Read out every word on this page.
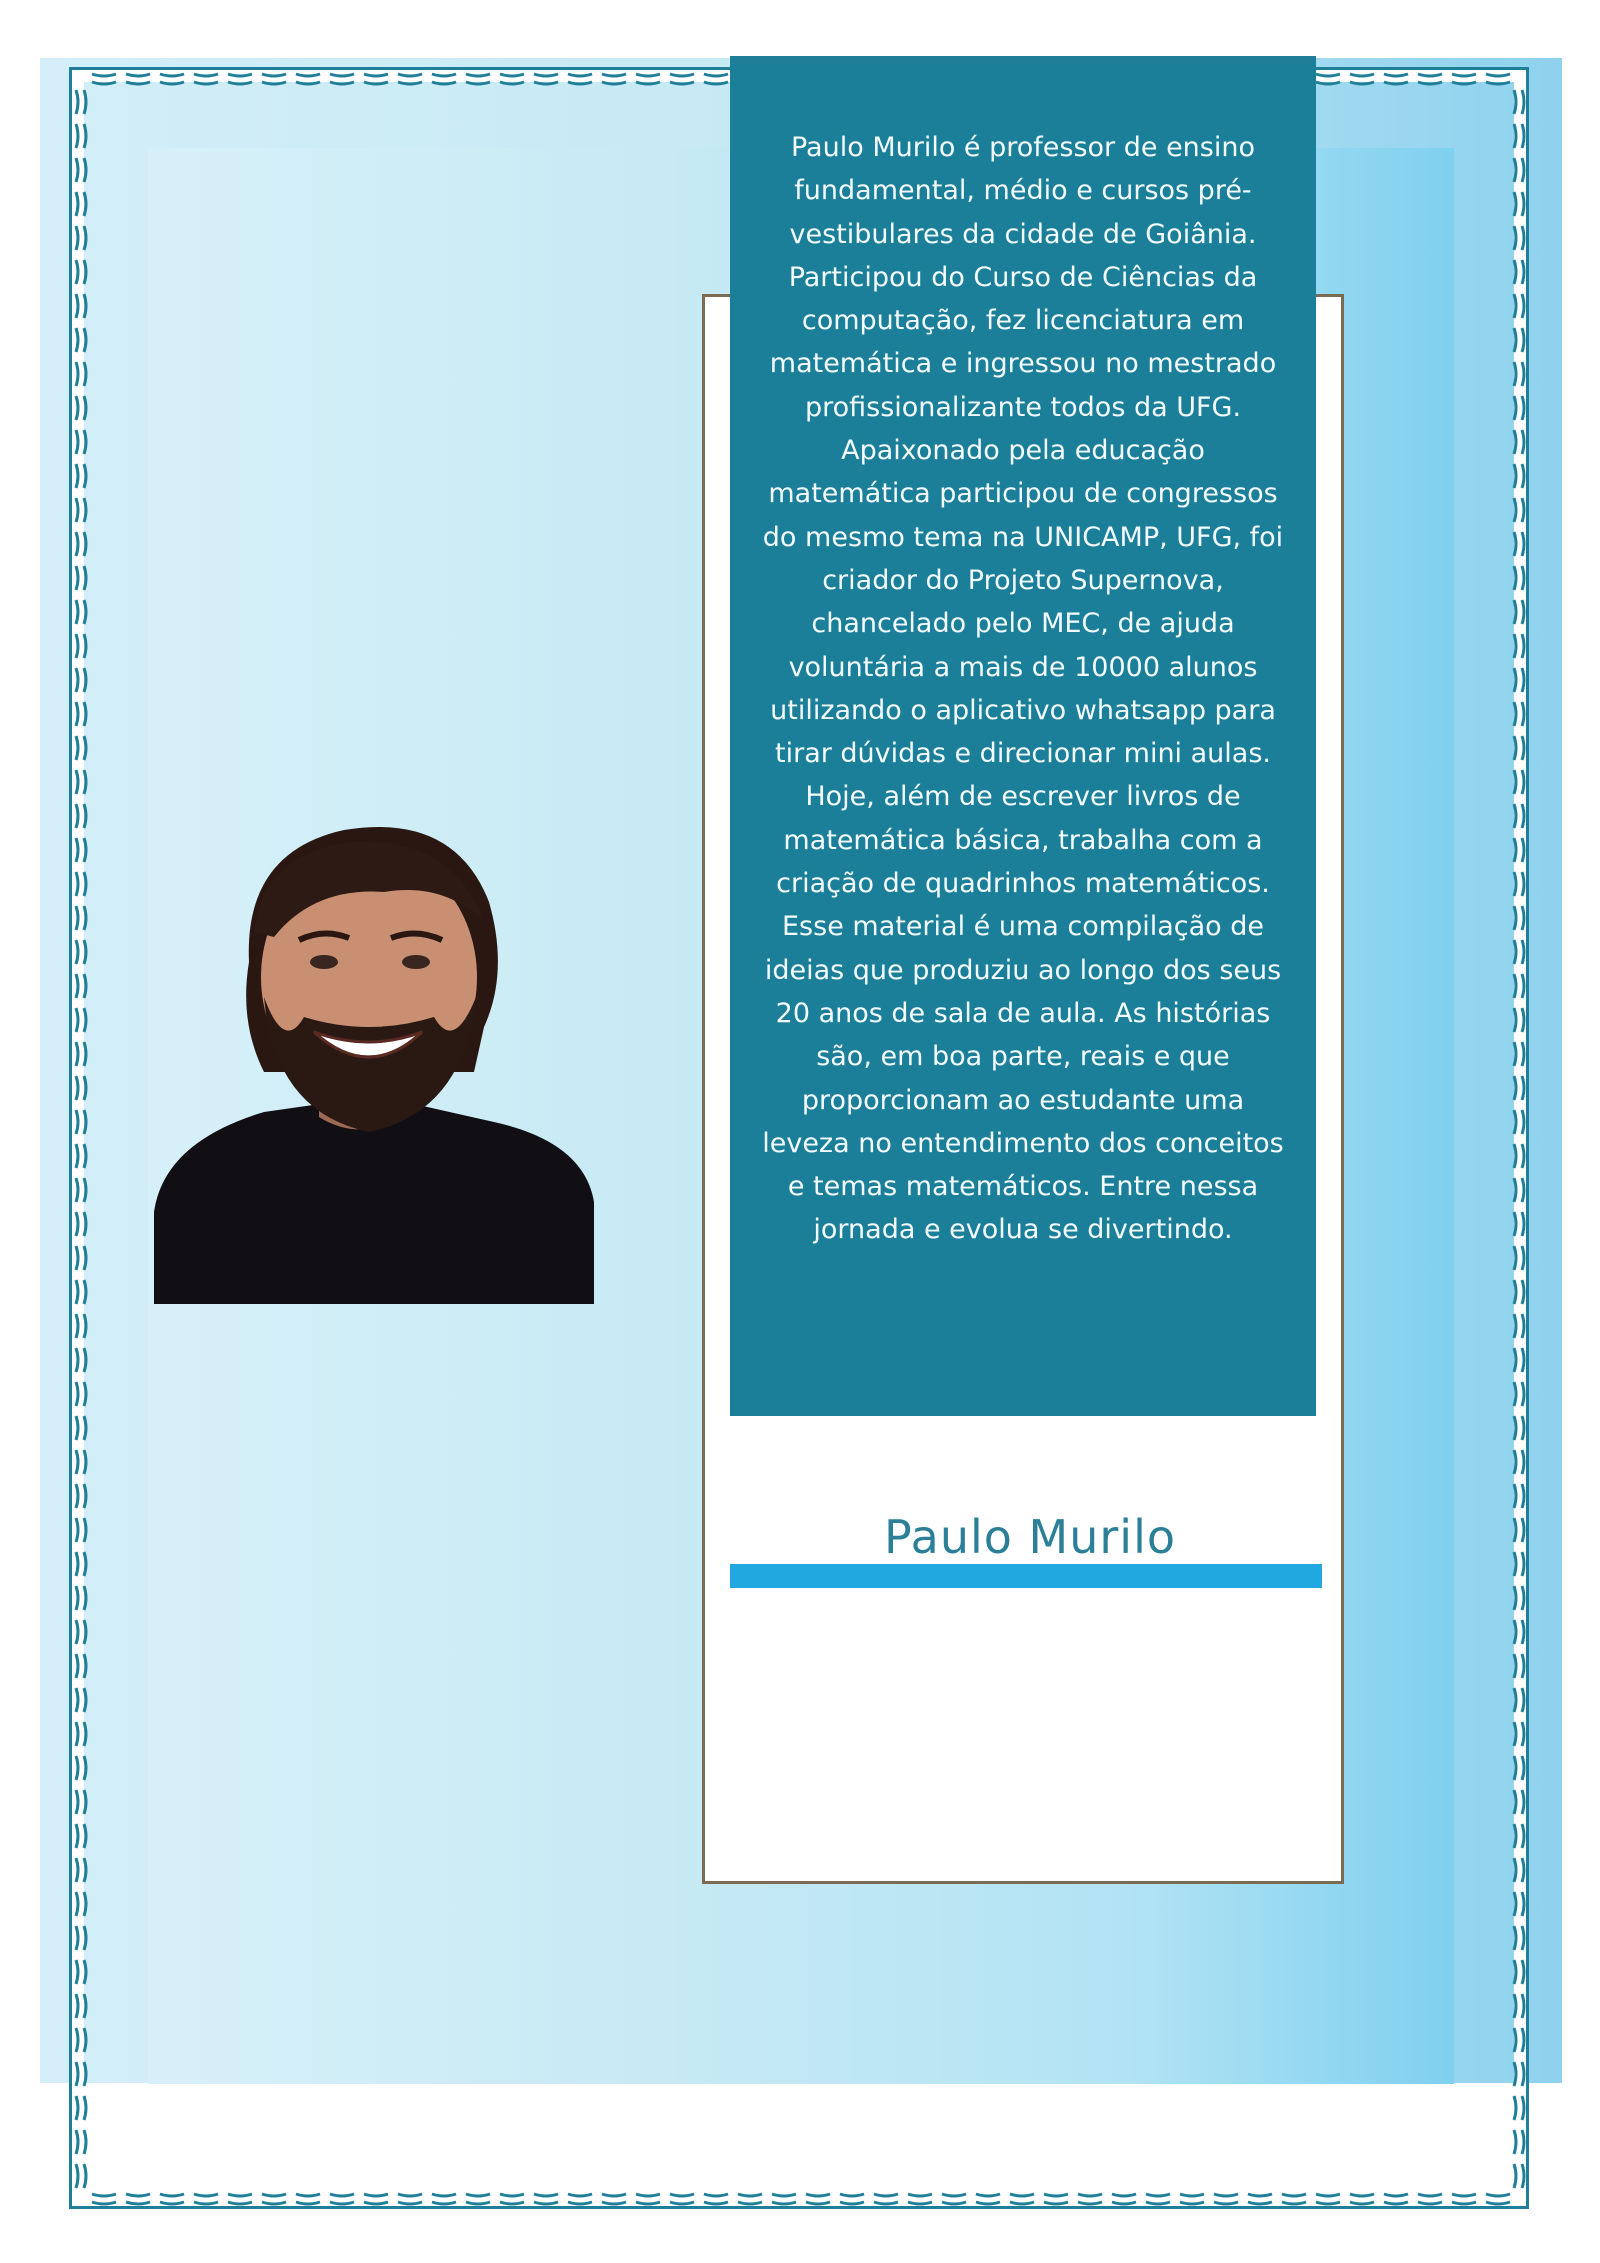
Paulo Murilo é professor de ensino fundamental, médio e cursos pré-vestibulares da cidade de Goiânia. Participou do Curso de Ciências da computação, fez licenciatura em matemática e ingressou no mestrado profissionalizante todos da UFG. Apaixonado pela educação matemática participou de congressos do mesmo tema na UNICAMP, UFG, foi criador do Projeto Supernova, chancelado pelo MEC, de ajuda voluntária a mais de 10000 alunos utilizando o aplicativo whatsapp para tirar dúvidas e direcionar mini aulas. Hoje, além de escrever livros de matemática básica, trabalha com a criação de quadrinhos matemáticos. Esse material é uma compilação de ideias que produziu ao longo dos seus 20 anos de sala de aula. As histórias são, em boa parte, reais e que proporcionam ao estudante uma leveza no entendimento dos conceitos e temas matemáticos. Entre nessa jornada e evolua se divertindo.

Paulo Murilo
